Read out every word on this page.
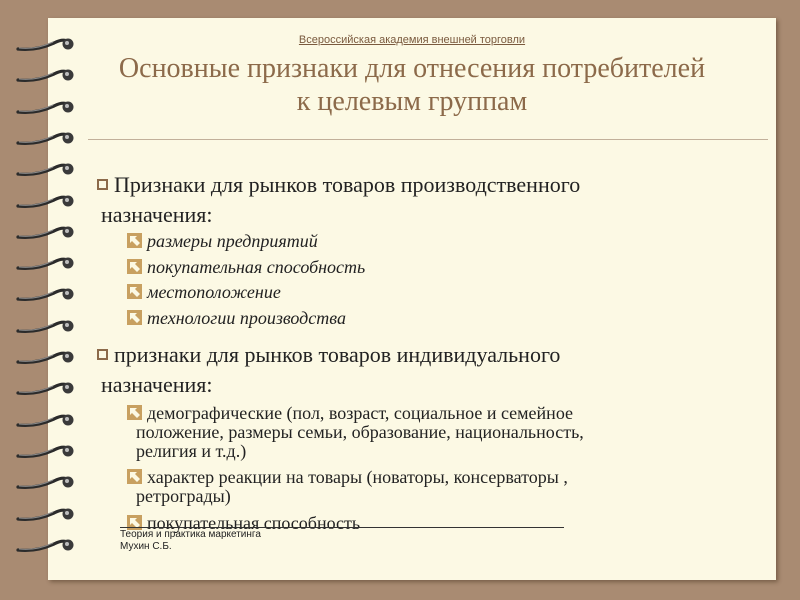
Всероссийская академия внешней торговли
Основные признаки для отнесения потребителей
к целевым группам
Признаки для рынков товаров производственного
назначения:
размеры предприятий
покупательная способность
местоположение
технологии производства
признаки для рынков товаров индивидуального
назначения:
демографические (пол, возраст, социальное и семейное
положение, размеры семьи, образование, национальность,
религия и т.д.)
характер реакции на товары (новаторы, консерваторы ,
ретрограды)
покупательная способность
Теория и практика маркетинга
Мухин С.Б.
